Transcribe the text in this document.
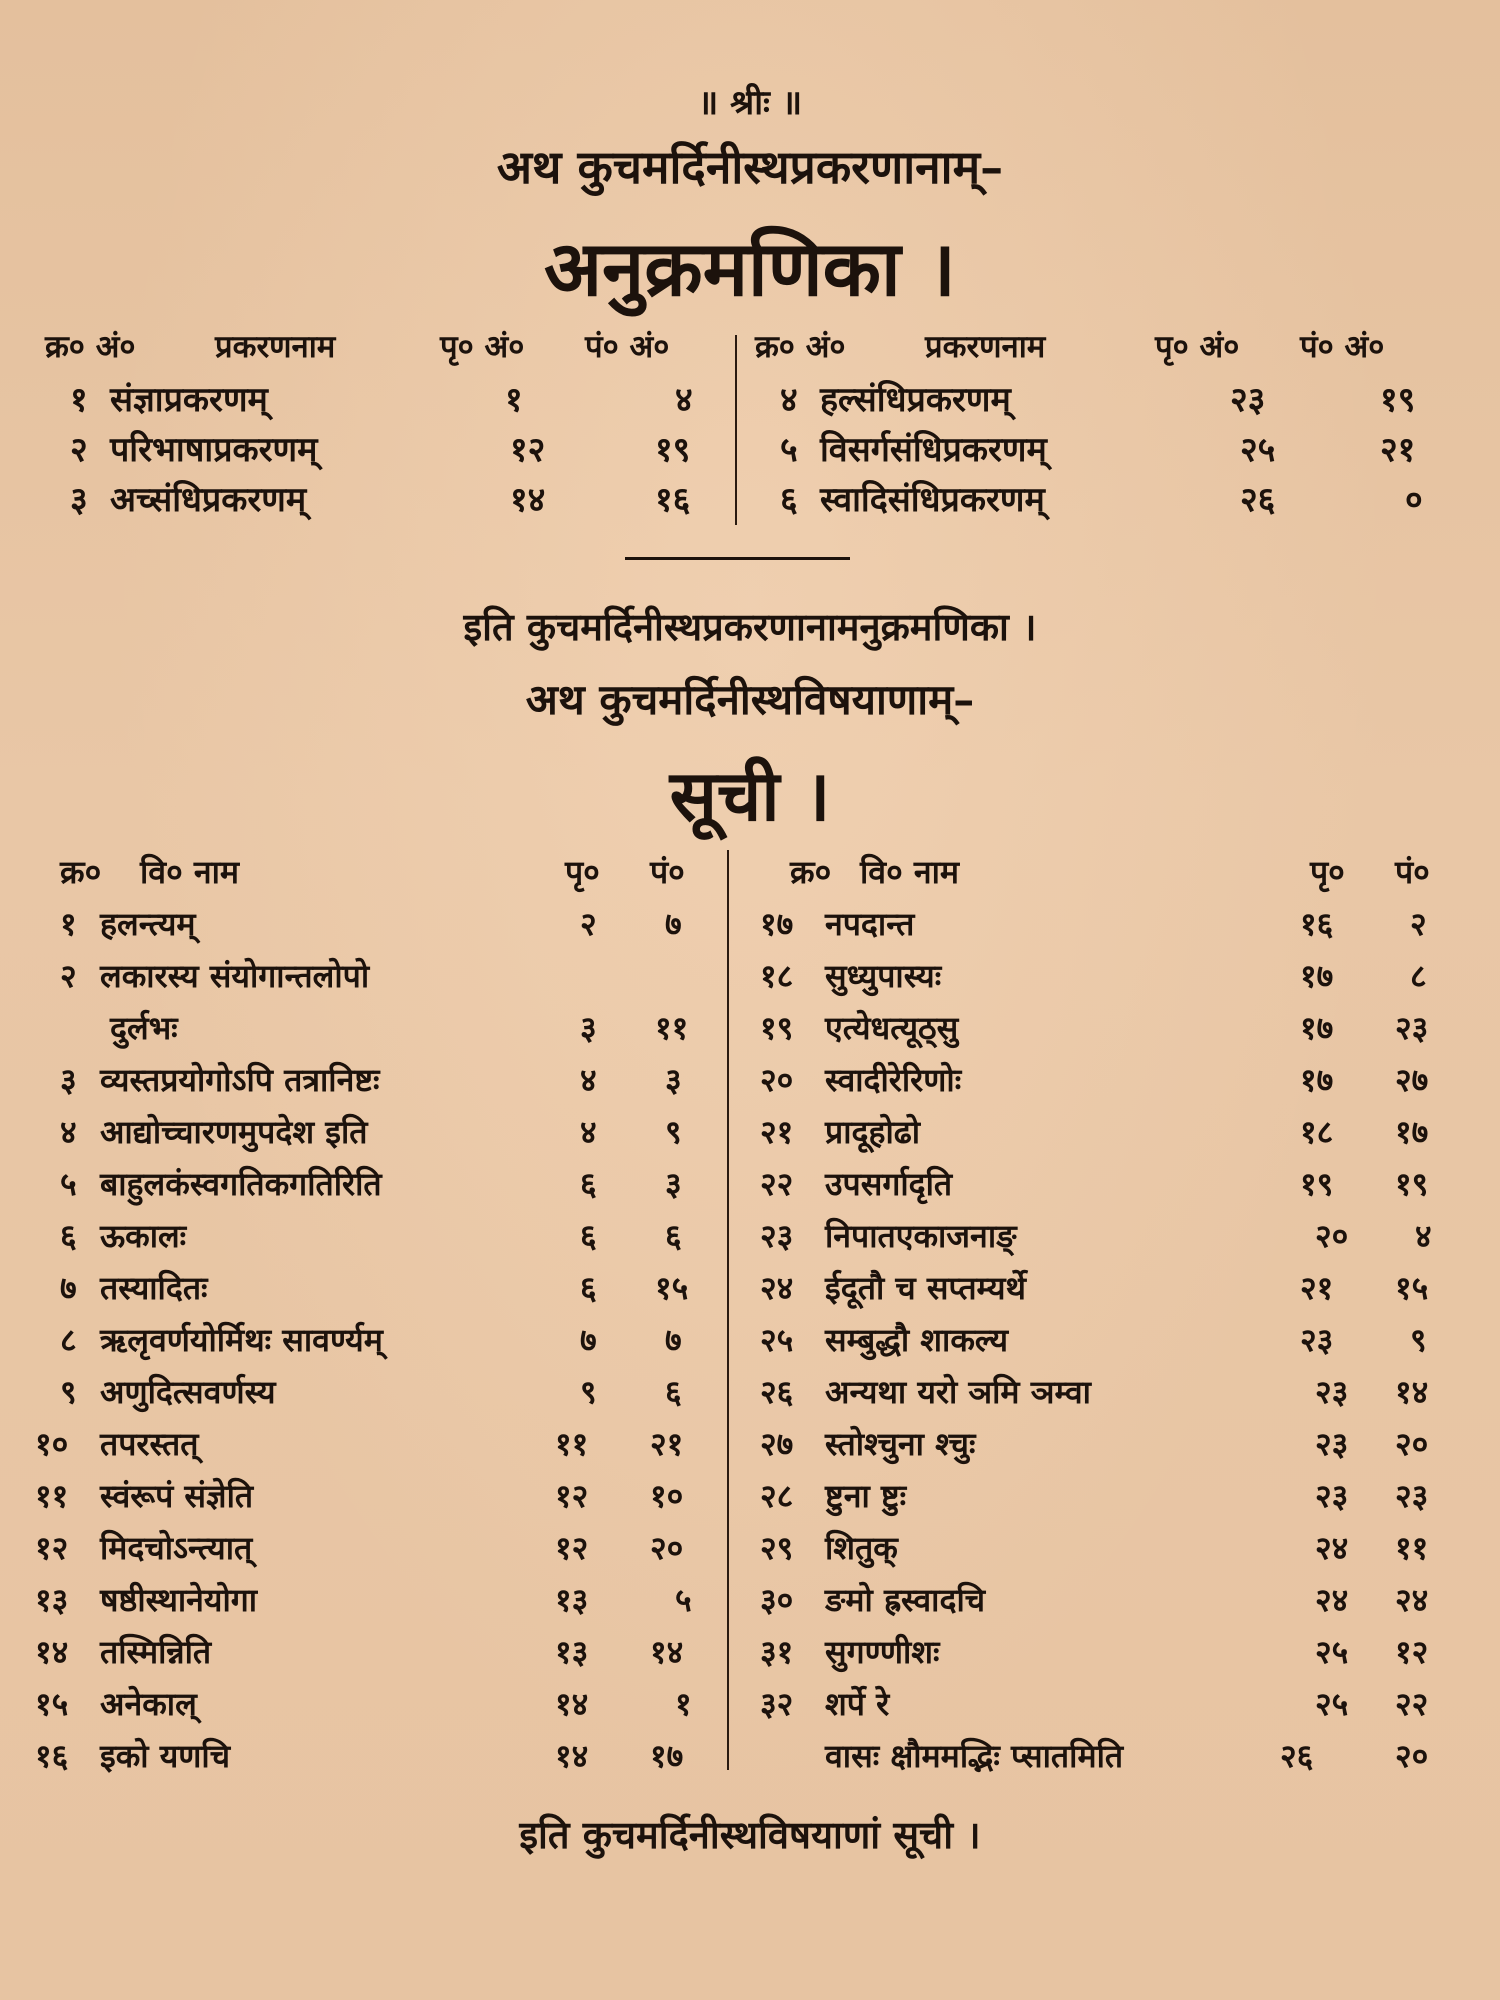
॥ श्रीः ॥
अथ कुचमर्दिनीस्थप्रकरणानाम्–
अनुक्रमणिका ।
क्र० अं०	प्रकरणनाम	पृ० अं० पं० अं०
१ संज्ञाप्रकरणम्	१	४
२ परिभाषाप्रकरणम्	१२	१९
३ अच्संधिप्रकरणम्	१४	१६
क्र० अं०	प्रकरणनाम	पृ० अं० पं० अं०
४ हल्संधिप्रकरणम्	२३	१९
५ विसर्गसंधिप्रकरणम्	२५	२१
६ स्वादिसंधिप्रकरणम्	२६	०
इति कुचमर्दिनीस्थप्रकरणानामनुक्रमणिका ।
अथ कुचमर्दिनीस्थविषयाणाम्–
सूची ।
क्र० वि० नाम	पृ० पं०
१ हलन्त्यम्	२ ७
२ लकारस्य संयोगान्तलोपो
दुर्लभः	३ ११
३ व्यस्तप्रयोगोऽपि तत्रानिष्टः	४ ३
४ आद्योच्चारणमुपदेश इति	४ ९
५ बाहुलकंस्वगतिकगतिरिति	६ ३
६ ऊकालः	६ ६
७ तस्यादितः	६ १५
८ ऋलृवर्णयोर्मिथः सावर्ण्यम्	७ ७
९ अणुदित्सवर्णस्य	९ ६
१० तपरस्तत्	११ २१
११ स्वंरूपं संज्ञेति	१२ १०
१२ मिदचोऽन्त्यात्	१२ २०
१३ षष्ठीस्थानेयोगा	१३	५
१४ तस्मिन्निति	१३ १४
१५ अनेकाल्	१४	१
१६ इको यणचि	१४ १७
क्र० वि० नाम	पृ० पं०
१७ नपदान्त	१६ २
१८ सुध्युपास्यः	१७ ८
१९ एत्येधत्यूठ्सु	१७ २३
२० स्वादीरेरिणोः	१७ २७
२१ प्रादूहोढो	१८ १७
२२ उपसर्गादृति	१९ १९
२३ निपातएकाजनाङ्	२० ४
२४ ईदूतौ च सप्तम्यर्थे	२१ १५
२५ सम्बुद्धौ शाकल्य	२३ ९
२६ अन्यथा यरो ञमि ञम्वा	२३ १४
२७ स्तोश्चुना श्चुः	२३ २०
२८ ष्टुना ष्टुः	२३ २३
२९ शितुक्	२४ ११
३० ङमो ह्रस्वादचि	२४ २४
३१ सुगण्णीशः	२५ १२
३२ शर्पे रे	२५ २२
वासः क्षौममद्भिः प्सातमिति	२६	२०
इति कुचमर्दिनीस्थविषयाणां सूची ।
